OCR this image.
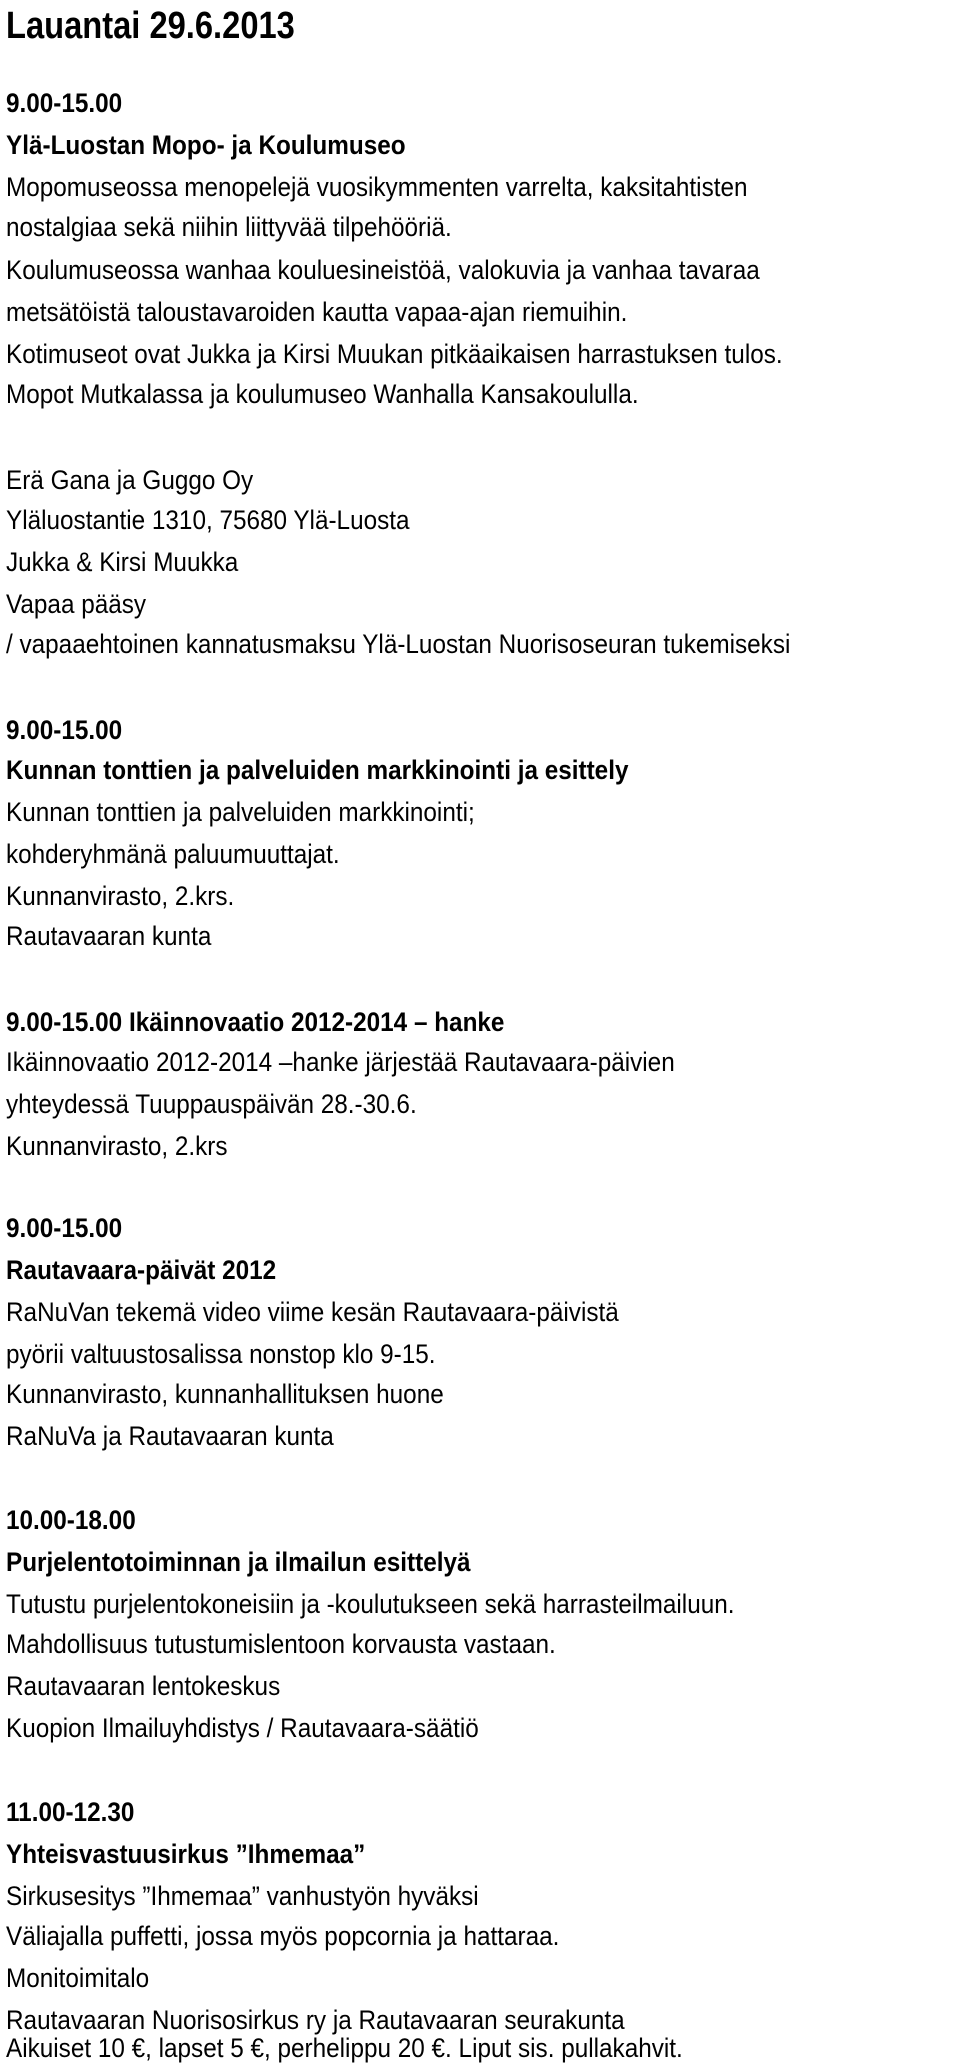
Lauantai 29.6.2013
9.00-15.00
Ylä-Luostan Mopo- ja Koulumuseo
Mopomuseossa menopelejä vuosikymmenten varrelta, kaksitahtisten
nostalgiaa sekä niihin liittyvää tilpehööriä.
Koulumuseossa wanhaa kouluesineistöä, valokuvia ja vanhaa tavaraa
metsätöistä taloustavaroiden kautta vapaa-ajan riemuihin.
Kotimuseot ovat Jukka ja Kirsi Muukan pitkäaikaisen harrastuksen tulos.
Mopot Mutkalassa ja koulumuseo Wanhalla Kansakoululla.
Erä Gana ja Guggo Oy
Yläluostantie 1310, 75680 Ylä-Luosta
Jukka & Kirsi Muukka
Vapaa pääsy
/ vapaaehtoinen kannatusmaksu Ylä-Luostan Nuorisoseuran tukemiseksi
9.00-15.00
Kunnan tonttien ja palveluiden markkinointi ja esittely
Kunnan tonttien ja palveluiden markkinointi;
kohderyhmänä paluumuuttajat.
Kunnanvirasto, 2.krs.
Rautavaaran kunta
9.00-15.00 Ikäinnovaatio 2012-2014 – hanke
Ikäinnovaatio 2012-2014 –hanke järjestää Rautavaara-päivien
yhteydessä Tuuppauspäivän 28.-30.6.
Kunnanvirasto, 2.krs
9.00-15.00
Rautavaara-päivät 2012
RaNuVan tekemä video viime kesän Rautavaara-päivistä
pyörii valtuustosalissa nonstop klo 9-15.
Kunnanvirasto, kunnanhallituksen huone
RaNuVa ja Rautavaaran kunta
10.00-18.00
Purjelentotoiminnan ja ilmailun esittelyä
Tutustu purjelentokoneisiin ja -koulutukseen sekä harrasteilmailuun.
Mahdollisuus tutustumislentoon korvausta vastaan.
Rautavaaran lentokeskus
Kuopion Ilmailuyhdistys / Rautavaara-säätiö
11.00-12.30
Yhteisvastuusirkus ”Ihmemaa”
Sirkusesitys ”Ihmemaa” vanhustyön hyväksi
Väliajalla puffetti, jossa myös popcornia ja hattaraa.
Monitoimitalo
Rautavaaran Nuorisosirkus ry ja Rautavaaran seurakunta
Aikuiset 10 €, lapset 5 €, perhelippu 20 €. Liput sis. pullakahvit.
